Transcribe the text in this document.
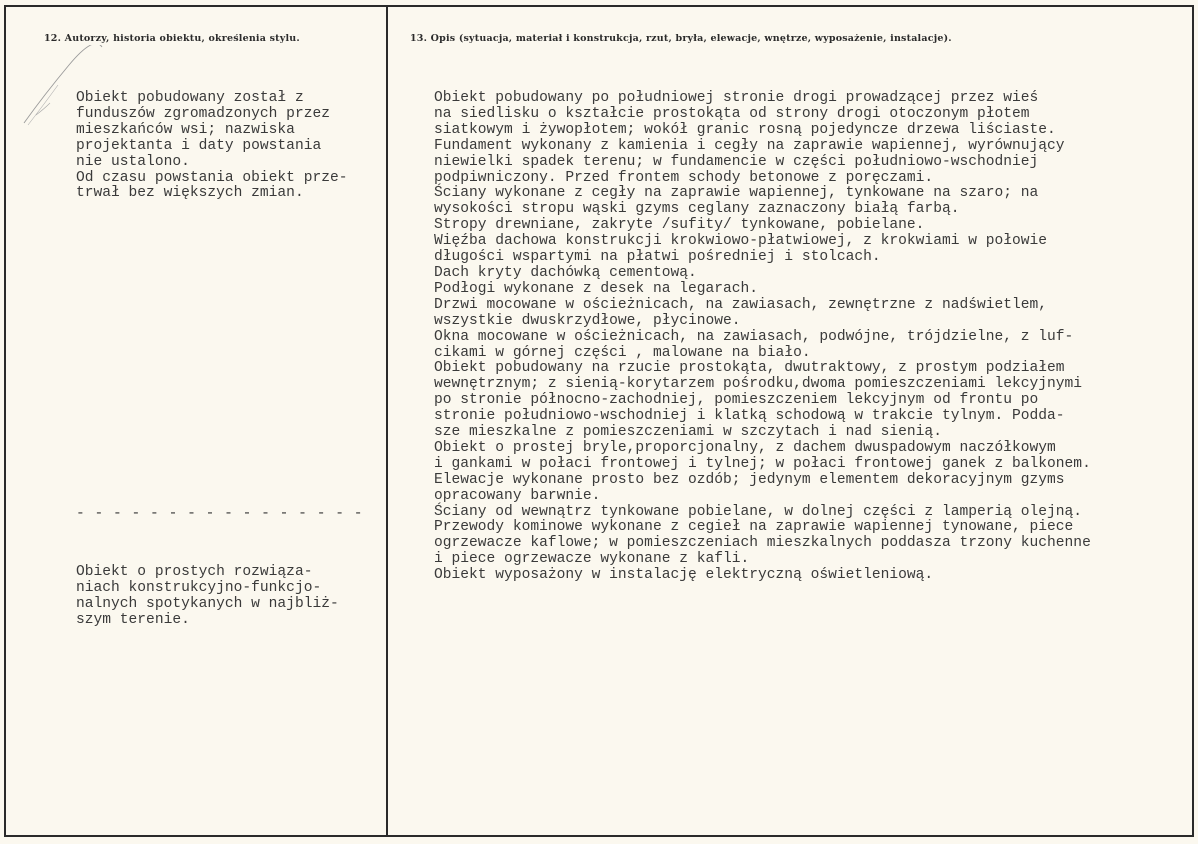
12. Autorzy, historia obiektu, określenia stylu.	13. Opis (sytuacja, materiał i konstrukcja, rzut, bryła, elewacje, wnętrze, wyposażenie, instalacje).
Obiekt pobudowany został z
funduszów zgromadzonych przez
mieszkańców wsi; nazwiska
projektanta i daty powstania
nie ustalono.
Od czasu powstania obiekt prze-
trwał bez większych zmian.
- - - - - - - - - - - - - - - -
Obiekt o prostych rozwiąza-
niach konstrukcyjno-funkcjo-
nalnych spotykanych w najbliż-
szym terenie.
Obiekt pobudowany po południowej stronie drogi prowadzącej przez wieś
na siedlisku o kształcie prostokąta od strony drogi otoczonym płotem
siatkowym i żywopłotem; wokół granic rosną pojedyncze drzewa liściaste.
Fundament wykonany z kamienia i cegły na zaprawie wapiennej, wyrównujący
niewielki spadek terenu; w fundamencie w części południowo-wschodniej
podpiwniczony. Przed frontem schody betonowe z poręczami.
Ściany wykonane z cegły na zaprawie wapiennej, tynkowane na szaro; na
wysokości stropu wąski gzyms ceglany zaznaczony białą farbą.
Stropy drewniane, zakryte /sufity/ tynkowane, pobielane.
Więźba dachowa konstrukcji krokwiowo-płatwiowej, z krokwiami w połowie
długości wspartymi na płatwi pośredniej i stolcach.
Dach kryty dachówką cementową.
Podłogi wykonane z desek na legarach.
Drzwi mocowane w ościeżnicach, na zawiasach, zewnętrzne z nadświetlem,
wszystkie dwuskrzydłowe, płycinowe.
Okna mocowane w ościeżnicach, na zawiasach, podwójne, trójdzielne, z luf-
cikami w górnej części , malowane na biało.
Obiekt pobudowany na rzucie prostokąta, dwutraktowy, z prostym podziałem
wewnętrznym; z sienią-korytarzem pośrodku,dwoma pomieszczeniami lekcyjnymi
po stronie północno-zachodniej, pomieszczeniem lekcyjnym od frontu po
stronie południowo-wschodniej i klatką schodową w trakcie tylnym. Podda-
sze mieszkalne z pomieszczeniami w szczytach i nad sienią.
Obiekt o prostej bryle,proporcjonalny, z dachem dwuspadowym naczółkowym
i gankami w połaci frontowej i tylnej; w połaci frontowej ganek z balkonem.
Elewacje wykonane prosto bez ozdób; jedynym elementem dekoracyjnym gzyms
opracowany barwnie.
Ściany od wewnątrz tynkowane pobielane, w dolnej części z lamperią olejną.
Przewody kominowe wykonane z cegieł na zaprawie wapiennej tynowane, piece
ogrzewacze kaflowe; w pomieszczeniach mieszkalnych poddasza trzony kuchenne
i piece ogrzewacze wykonane z kafli.
Obiekt wyposażony w instalację elektryczną oświetleniową.
